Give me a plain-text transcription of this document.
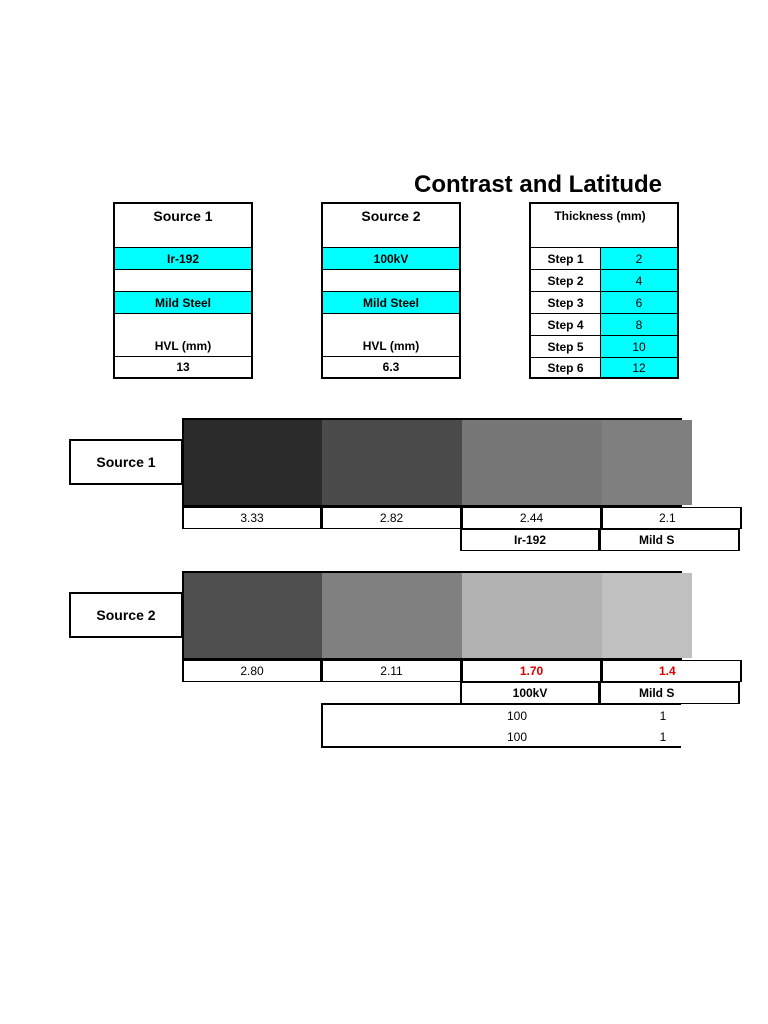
Contrast and Latitude
Source 1
Ir-192
Mild Steel
HVL (mm)
13
Source 2
100kV
Mild Steel
HVL (mm)
6.3
Thickness (mm)
Step 1	2
Step 2	4
Step 3	6
Step 4	8
Step 5	10
Step 6	12
Source 1
3.33	2.82	2.44	2.1
Ir-192	Mild S
Source 2
2.80	2.11	1.70	1.4
100kV	Mild S
100	1
100	1
